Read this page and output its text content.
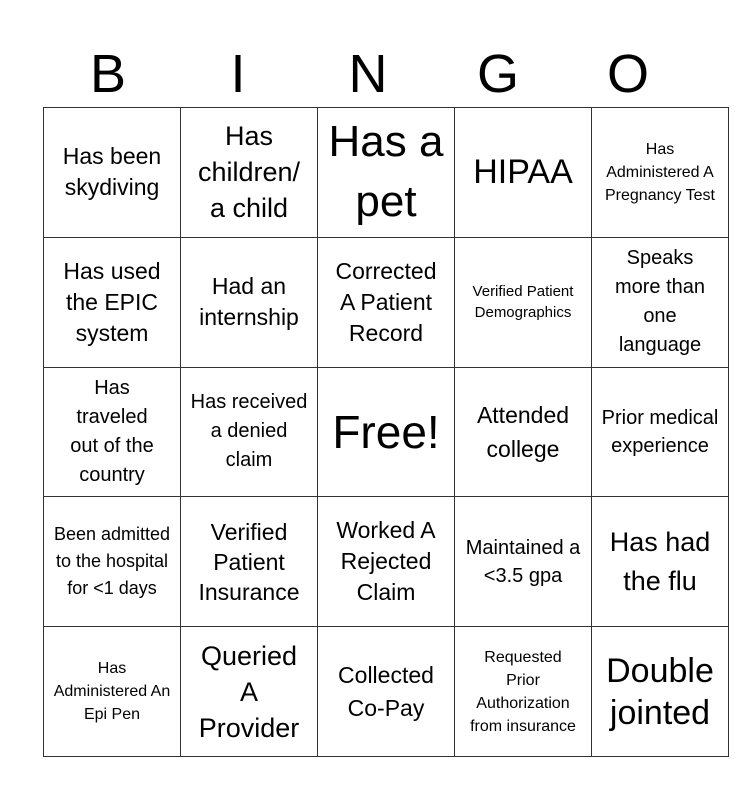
B	I	N	G	O
Has been skydiving	Has children/ a child	Has a pet	HIPAA	Has Administered A Pregnancy Test
Has used the EPIC system	Had an internship	Corrected A Patient Record	Verified Patient Demographics	Speaks more than one language
Has traveled out of the country	Has received a denied claim	Free!	Attended college	Prior medical experience
Been admitted to the hospital for <1 days	Verified Patient Insurance	Worked A Rejected Claim	Maintained a <3.5 gpa	Has had the flu
Has Administered An Epi Pen	Queried A Provider	Collected Co-Pay	Requested Prior Authorization from insurance	Double jointed
